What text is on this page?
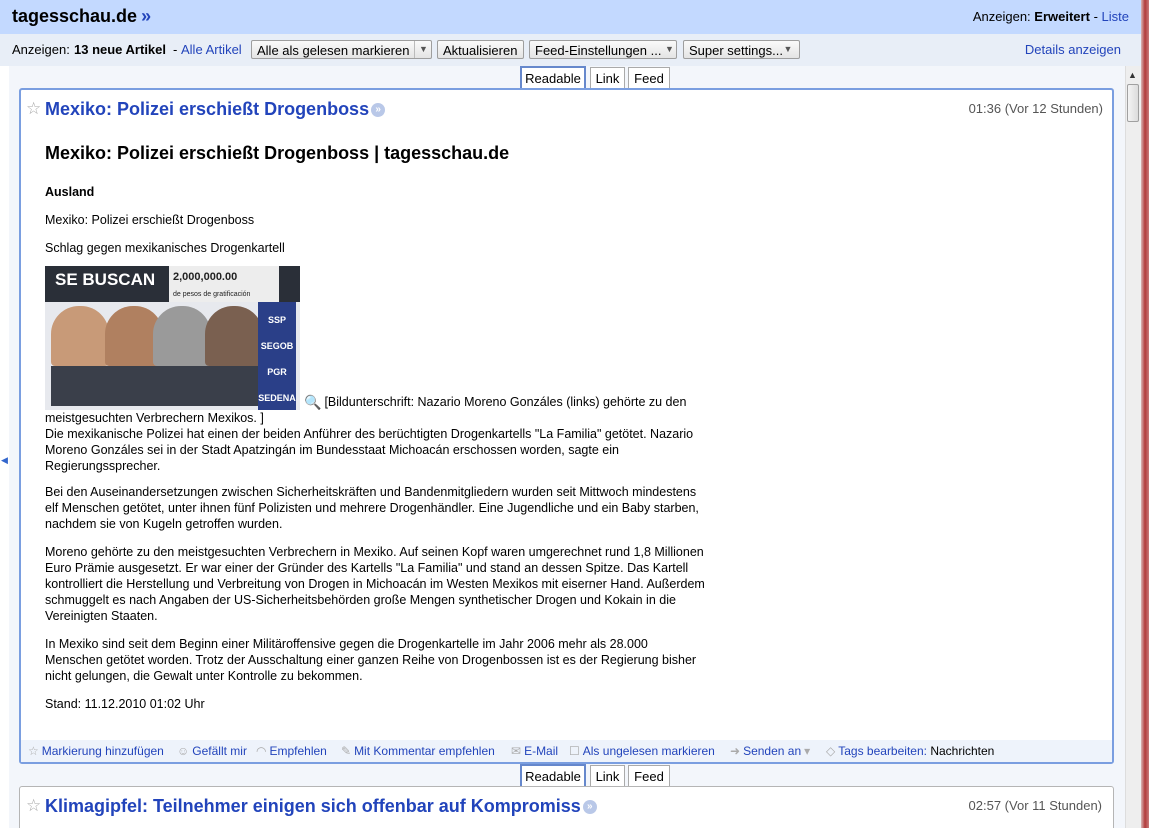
tagesschau.de »	Anzeigen: Erweitert - Liste
Anzeigen: 13 neue Artikel - Alle Artikel	Alle als gelesen markieren ▼	Aktualisieren	Feed-Einstellungen ... ▼	Super settings...▼	Details anzeigen
◀
Readable	Link	Feed
☆ Mexiko: Polizei erschießt Drogenboss »	01:36 (Vor 12 Stunden)
Mexiko: Polizei erschießt Drogenboss | tagesschau.de

Ausland

Mexiko: Polizei erschießt Drogenboss

Schlag gegen mexikanisches Drogenkartell

SE BUSCAN	2,000,000.00
de pesos de gratificación
SSP
SEGOB
PGR
SEDENA 🔍 [Bildunterschrift: Nazario Moreno Gonzáles (links) gehörte zu den meistgesuchten Verbrechern Mexikos. ]
Die mexikanische Polizei hat einen der beiden Anführer des berüchtigten Drogenkartells "La Familia" getötet. Nazario Moreno Gonzáles sei in der Stadt Apatzingán im Bundesstaat Michoacán erschossen worden, sagte ein Regierungssprecher.

Bei den Auseinandersetzungen zwischen Sicherheitskräften und Bandenmitgliedern wurden seit Mittwoch mindestens elf Menschen getötet, unter ihnen fünf Polizisten und mehrere Drogenhändler. Eine Jugendliche und ein Baby starben, nachdem sie von Kugeln getroffen wurden.

Moreno gehörte zu den meistgesuchten Verbrechern in Mexiko. Auf seinen Kopf waren umgerechnet rund 1,8 Millionen Euro Prämie ausgesetzt. Er war einer der Gründer des Kartells "La Familia" und stand an dessen Spitze. Das Kartell kontrolliert die Herstellung und Verbreitung von Drogen in Michoacán im Westen Mexikos mit eiserner Hand. Außerdem schmuggelt es nach Angaben der US-Sicherheitsbehörden große Mengen synthetischer Drogen und Kokain in die Vereinigten Staaten.

In Mexiko sind seit dem Beginn einer Militäroffensive gegen die Drogenkartelle im Jahr 2006 mehr als 28.000 Menschen getötet worden. Trotz der Ausschaltung einer ganzen Reihe von Drogenbossen ist es der Regierung bisher nicht gelungen, die Gewalt unter Kontrolle zu bekommen.

Stand: 11.12.2010 01:02 Uhr

☆ Markierung hinzufügen ☺ Gefällt mir ◠ Empfehlen ✎ Mit Kommentar empfehlen ✉ E-Mail ☐ Als ungelesen markieren ➜ Senden an ▾ ◇ Tags bearbeiten: Nachrichten
Readable	Link	Feed
☆ Klimagipfel: Teilnehmer einigen sich offenbar auf Kompromiss »	02:57 (Vor 11 Stunden)
▲
